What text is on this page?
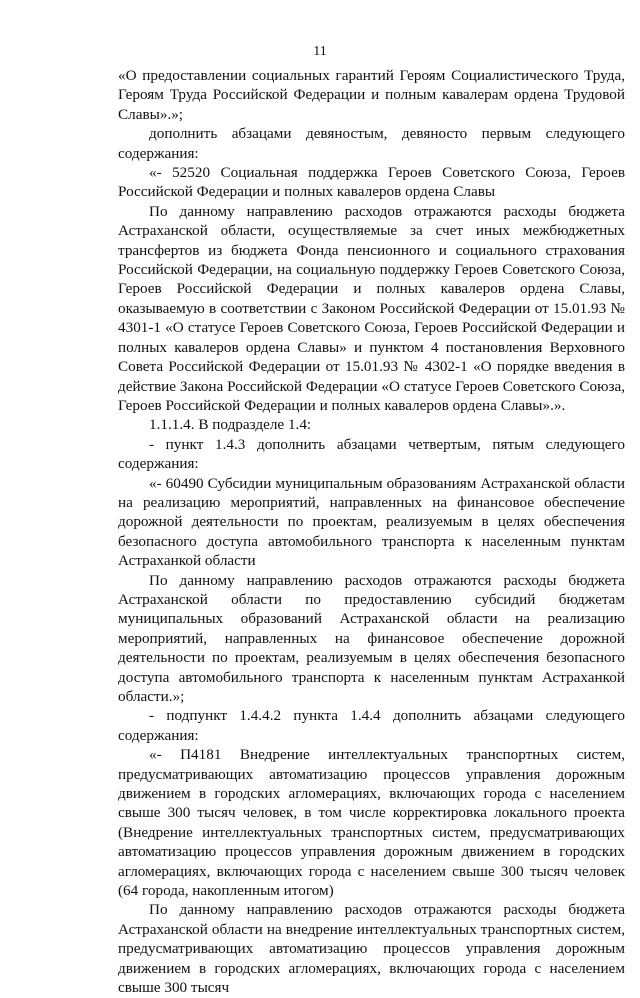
11

«О предоставлении социальных гарантий Героям Социалистического Труда, Героям Труда Российской Федерации и полным кавалерам ордена Трудовой Славы».»;

дополнить абзацами девяностым, девяносто первым следующего содержания:

«- 52520 Социальная поддержка Героев Советского Союза, Героев Российской Федерации и полных кавалеров ордена Славы

По данному направлению расходов отражаются расходы бюджета Астраханской области, осуществляемые за счет иных межбюджетных трансфертов из бюджета Фонда пенсионного и социального страхования Российской Федерации, на социальную поддержку Героев Советского Союза, Героев Российской Федерации и полных кавалеров ордена Славы, оказываемую в соответствии с Законом Российской Федерации от 15.01.93 № 4301-1 «О статусе Героев Советского Союза, Героев Российской Федерации и полных кавалеров ордена Славы» и пунктом 4 постановления Верховного Совета Российской Федерации от 15.01.93 № 4302-1 «О порядке введения в действие Закона Российской Федерации «О статусе Героев Советского Союза, Героев Российской Федерации и полных кавалеров ордена Славы».».

1.1.1.4. В подразделе 1.4:

- пункт 1.4.3 дополнить абзацами четвертым, пятым следующего содержания:

«- 60490 Субсидии муниципальным образованиям Астраханской области на реализацию мероприятий, направленных на финансовое обеспечение дорожной деятельности по проектам, реализуемым в целях обеспечения безопасного доступа автомобильного транспорта к населенным пунктам Астраханкой области

По данному направлению расходов отражаются расходы бюджета Астраханской области по предоставлению субсидий бюджетам муниципальных образований Астраханской области на реализацию мероприятий, направленных на финансовое обеспечение дорожной деятельности по проектам, реализуемым в целях обеспечения безопасного доступа автомобильного транспорта к населенным пунктам Астраханкой области.»;

- подпункт 1.4.4.2 пункта 1.4.4 дополнить абзацами следующего содержания:

«- П4181 Внедрение интеллектуальных транспортных систем, предусматривающих автоматизацию процессов управления дорожным движением в городских агломерациях, включающих города с населением свыше 300 тысяч человек, в том числе корректировка локального проекта (Внедрение интеллектуальных транспортных систем, предусматривающих автоматизацию процессов управления дорожным движением в городских агломерациях, включающих города с населением свыше 300 тысяч человек (64 города, накопленным итогом)

По данному направлению расходов отражаются расходы бюджета Астраханской области на внедрение интеллектуальных транспортных систем, предусматривающих автоматизацию процессов управления дорожным движением в городских агломерациях, включающих города с населением свыше 300 тысяч
